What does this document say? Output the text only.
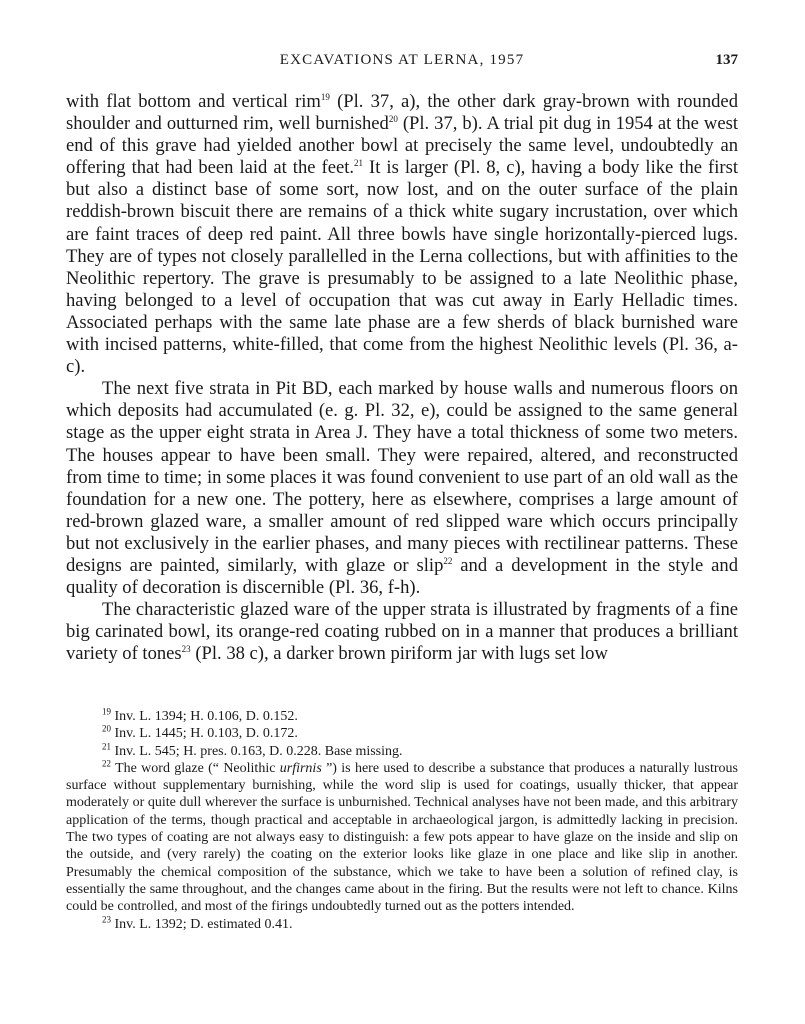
EXCAVATIONS AT LERNA, 1957	137

with flat bottom and vertical rim$^{19}$ (Pl. 37, a), the other dark gray-brown with rounded shoulder and outturned rim, well burnished$^{20}$ (Pl. 37, b). A trial pit dug in 1954 at the west end of this grave had yielded another bowl at precisely the same level, undoubtedly an offering that had been laid at the feet.$^{21}$ It is larger (Pl. 8, c), having a body like the first but also a distinct base of some sort, now lost, and on the outer surface of the plain reddish-brown biscuit there are remains of a thick white sugary incrustation, over which are faint traces of deep red paint. All three bowls have single horizontally-pierced lugs. They are of types not closely parallelled in the Lerna collections, but with affinities to the Neolithic repertory. The grave is presumably to be assigned to a late Neolithic phase, having belonged to a level of occupation that was cut away in Early Helladic times. Associated perhaps with the same late phase are a few sherds of black burnished ware with incised patterns, white-filled, that come from the highest Neolithic levels (Pl. 36, a-c).

The next five strata in Pit BD, each marked by house walls and numerous floors on which deposits had accumulated (e. g. Pl. 32, e), could be assigned to the same general stage as the upper eight strata in Area J. They have a total thickness of some two meters. The houses appear to have been small. They were repaired, altered, and reconstructed from time to time; in some places it was found convenient to use part of an old wall as the foundation for a new one. The pottery, here as elsewhere, comprises a large amount of red-brown glazed ware, a smaller amount of red slipped ware which occurs principally but not exclusively in the earlier phases, and many pieces with rectilinear patterns. These designs are painted, similarly, with glaze or slip$^{22}$ and a development in the style and quality of decoration is discernible (Pl. 36, f-h).

The characteristic glazed ware of the upper strata is illustrated by fragments of a fine big carinated bowl, its orange-red coating rubbed on in a manner that produces a brilliant variety of tones$^{23}$ (Pl. 38 c), a darker brown piriform jar with lugs set low

$^{19}$ Inv. L. 1394; H. 0.106, D. 0.152.

$^{20}$ Inv. L. 1445; H. 0.103, D. 0.172.

$^{21}$ Inv. L. 545; H. pres. 0.163, D. 0.228. Base missing.

$^{22}$ The word glaze (“ Neolithic urfirnis ”) is here used to describe a substance that produces a naturally lustrous surface without supplementary burnishing, while the word slip is used for coatings, usually thicker, that appear moderately or quite dull wherever the surface is unburnished. Technical analyses have not been made, and this arbitrary application of the terms, though practical and acceptable in archaeological jargon, is admittedly lacking in precision. The two types of coating are not always easy to distinguish: a few pots appear to have glaze on the inside and slip on the outside, and (very rarely) the coating on the exterior looks like glaze in one place and like slip in another. Presumably the chemical composition of the substance, which we take to have been a solution of refined clay, is essentially the same throughout, and the changes came about in the firing. But the results were not left to chance. Kilns could be controlled, and most of the firings undoubtedly turned out as the potters intended.

$^{23}$ Inv. L. 1392; D. estimated 0.41.
